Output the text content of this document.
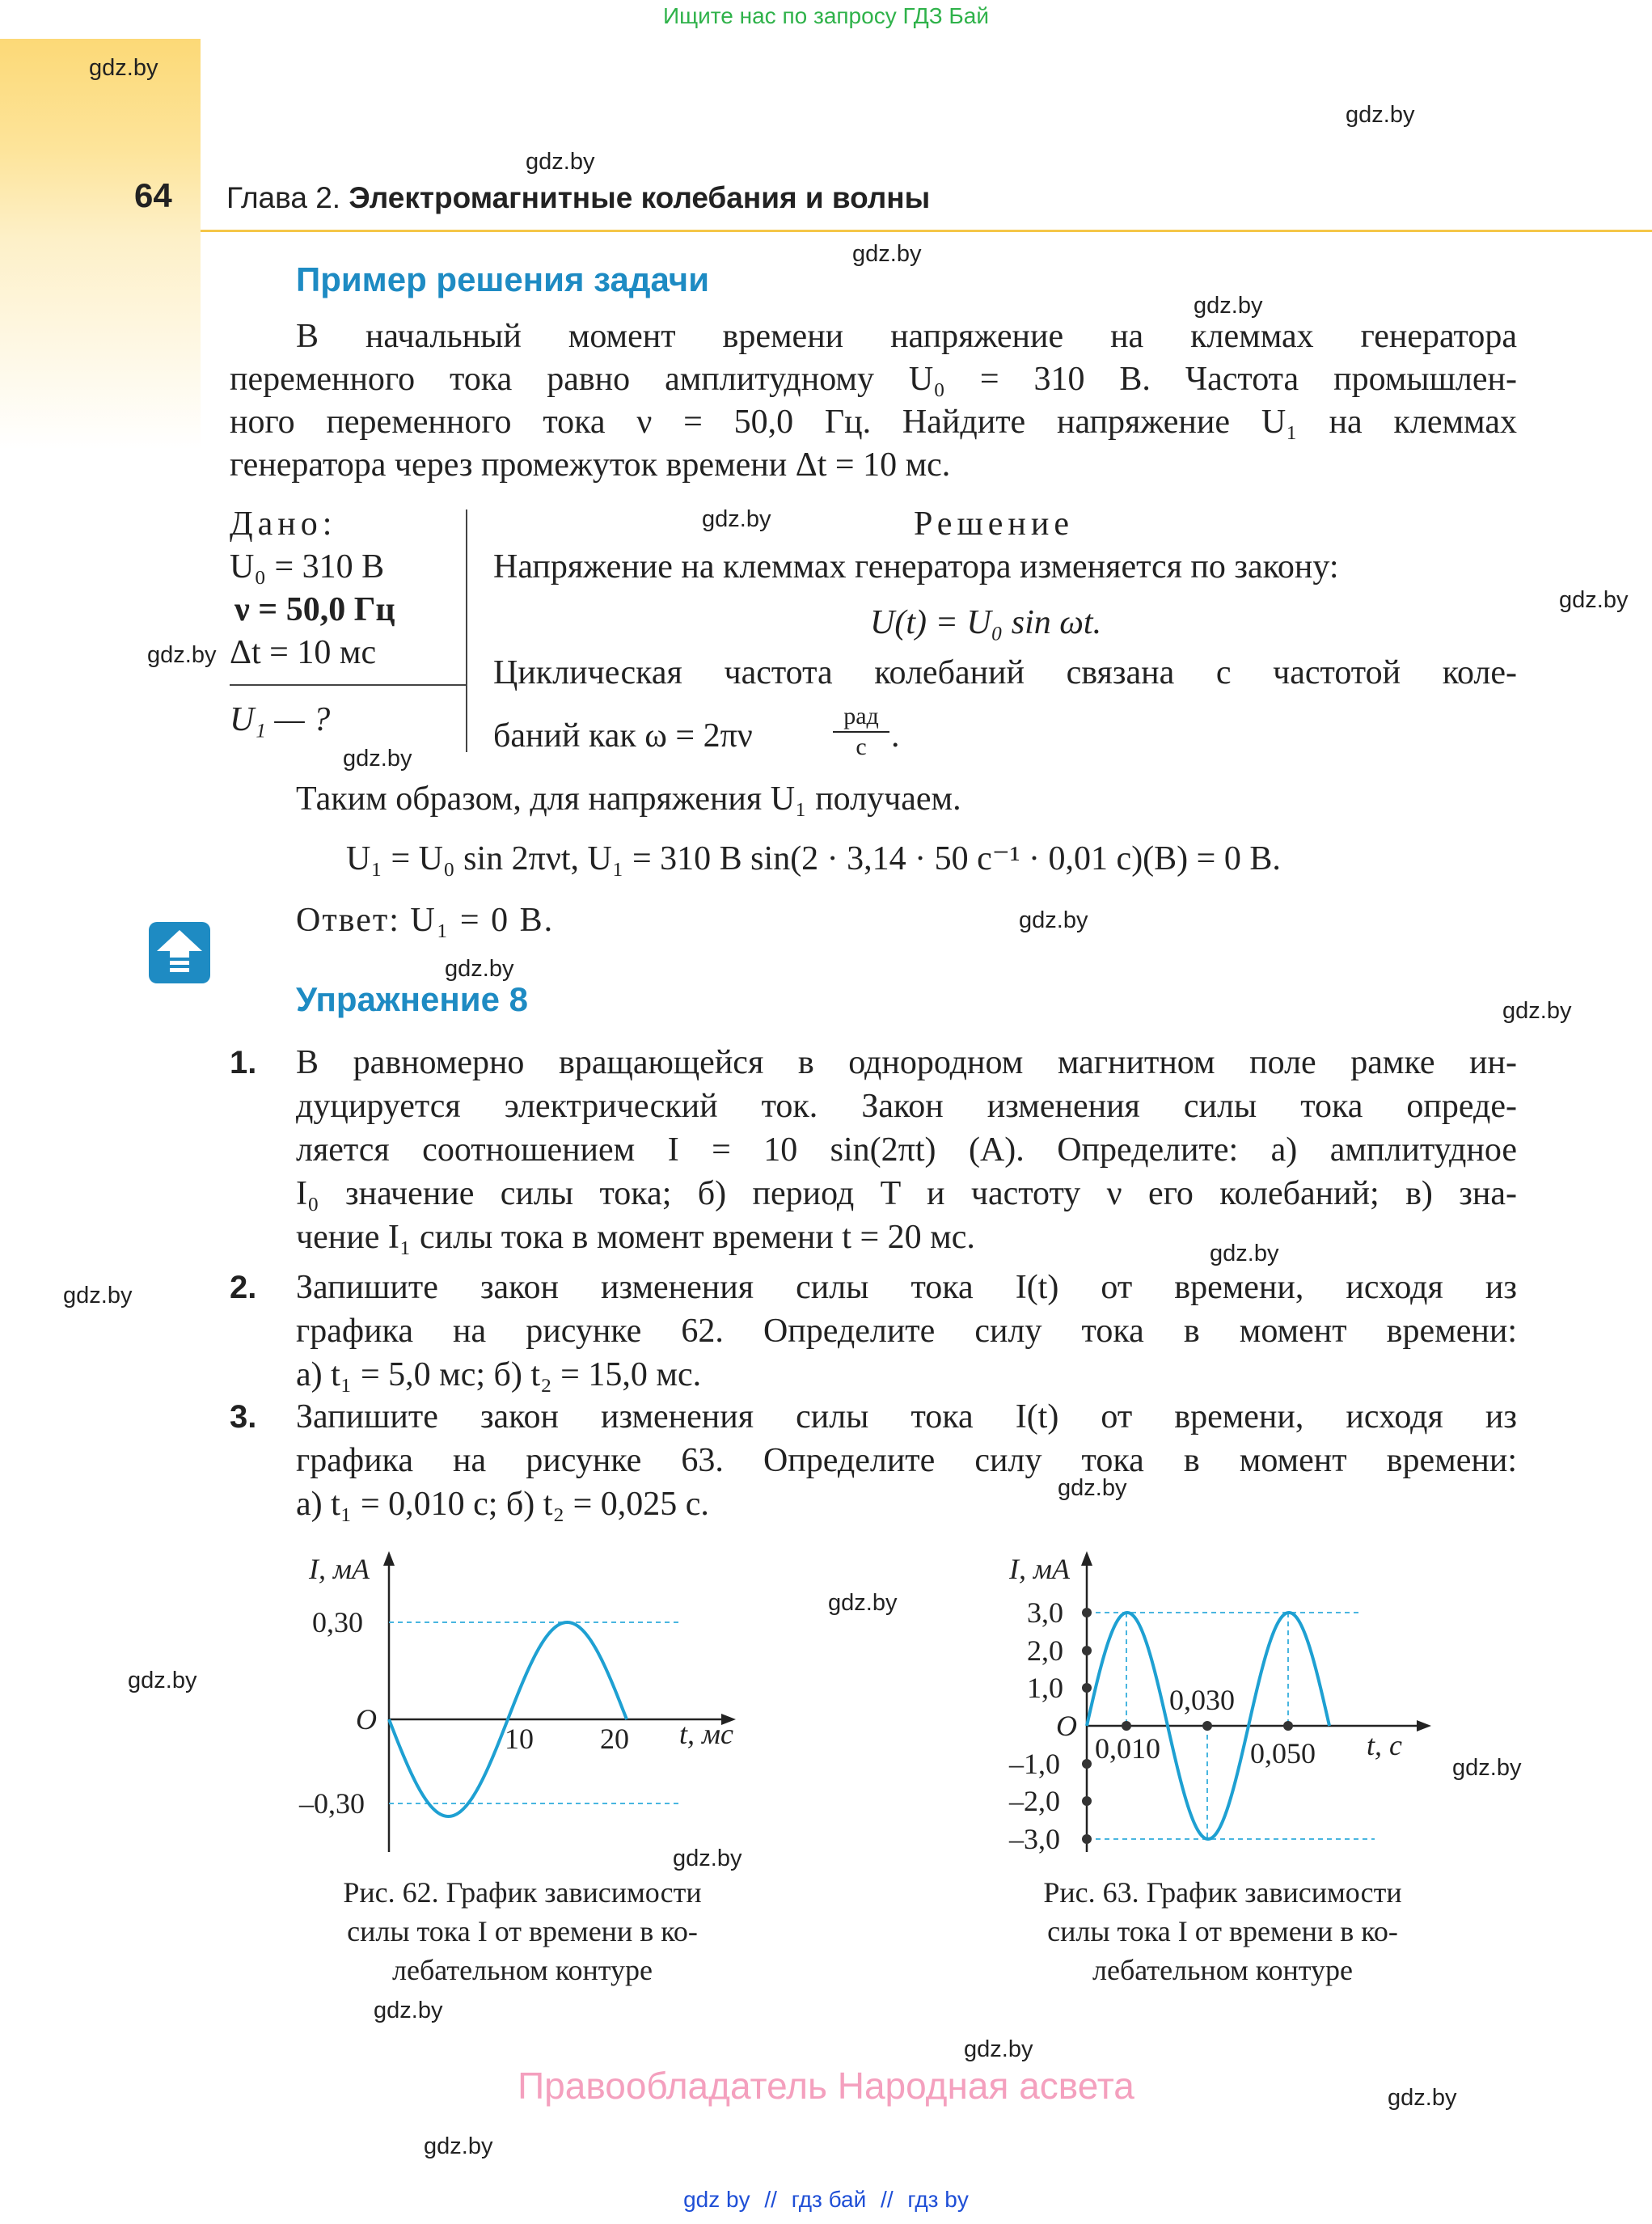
Ищите нас по запросу ГДЗ Бай
64 Глава 2. Электромагнитные колебания и волны
gdz.by
gdz.by
gdz.by
gdz.by
gdz.by
gdz.by
gdz.by
gdz.by
gdz.by
gdz.by
gdz.by
gdz.by
gdz.by
gdz.by
gdz.by
gdz.by
gdz.by
gdz.by
gdz.by
gdz.by
gdz.by
gdz.by
gdz.by
Пример решения задачи
В начальный момент времени напряжение на клеммах генератора
переменного тока равно амплитудному U₀ = 310 В. Частота промышлен-
ного переменного тока ν = 50,0 Гц. Найдите напряжение U₁ на клеммах
генератора через промежуток времени Δt = 10 мс.
Дано:
U₀ = 310 В
ν = 50,0 Гц
Δt = 10 мс
U₁ — ?
Решение
Напряжение на клеммах генератора изменяется по закону:
U(t) = U₀ sin ωt.
Циклическая частота колебаний связана с частотой коле-
баний как ω = 2πν
рад
с .
Таким образом, для напряжения U₁ получаем.
U₁ = U₀ sin 2πνt, U₁ = 310 В sin(2 · 3,14 · 50 с⁻¹ · 0,01 с)(В) = 0 В.
Ответ: U₁ = 0 В.
Упражнение 8
1. В равномерно вращающейся в однородном магнитном поле рамке ин-
дуцируется электрический ток. Закон изменения силы тока опреде-
ляется соотношением I = 10 sin(2πt) (А). Определите: а) амплитудное
I₀ значение силы тока; б) период T и частоту ν его колебаний; в) зна-
чение I₁ силы тока в момент времени t = 20 мс.
2. Запишите закон изменения силы тока I(t) от времени, исходя из
графика на рисунке 62. Определите силу тока в момент времени:
а) t₁ = 5,0 мс; б) t₂ = 15,0 мс.
3. Запишите закон изменения силы тока I(t) от времени, исходя из
графика на рисунке 63. Определите силу тока в момент времени:
а) t₁ = 0,010 с; б) t₂ = 0,025 с.
I, мА
0,30
–0,30
O
10 20 t, мс
Рис. 62. График зависимости
силы тока I от времени в ко-
лебательном контуре
I, мА
3,0
2,0
1,0
–1,0
–2,0
–3,0
O
0,010
0,030
0,050 t, с
Рис. 63. График зависимости
силы тока I от времени в ко-
лебательном контуре
Правообладатель Народная асвета
gdz by // гдз бай // гдз by
